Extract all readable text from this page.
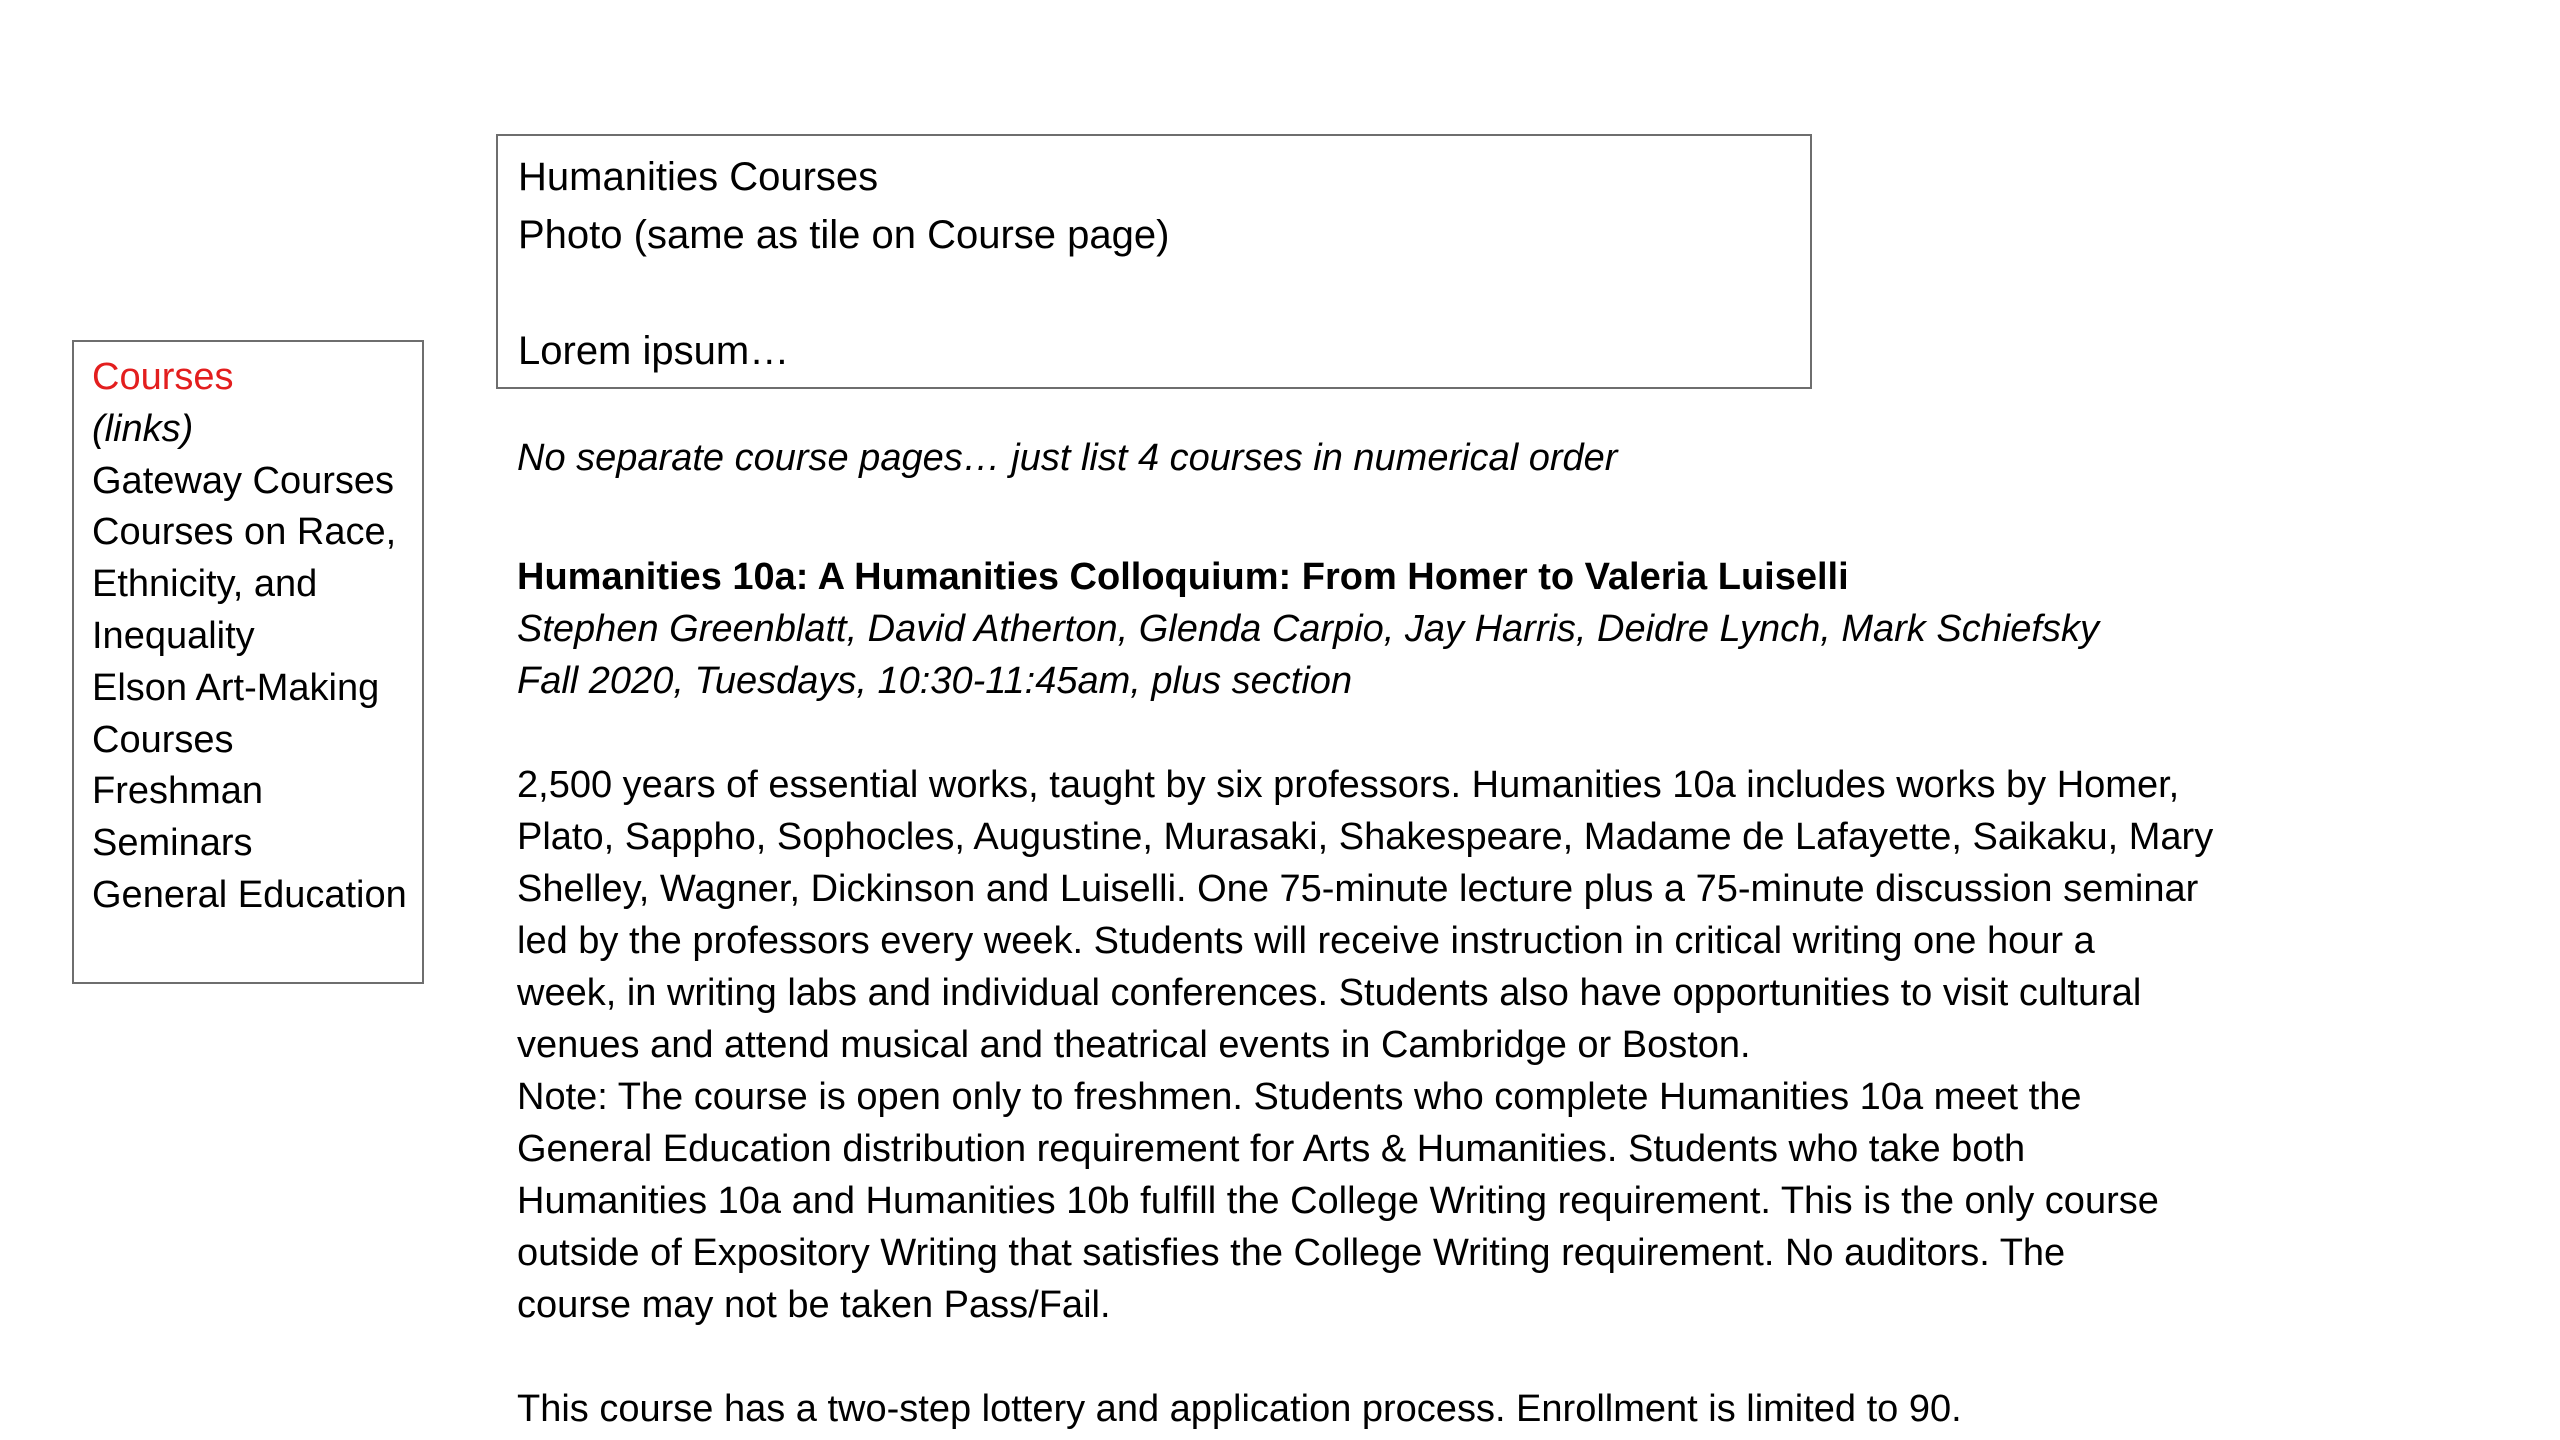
Courses
(links)
Gateway Courses
Courses on Race, Ethnicity, and Inequality
Elson Art-Making Courses
Freshman Seminars
General Education
Humanities Courses
Photo (same as tile on Course page)
Lorem ipsum…
No separate course pages… just list 4 courses in numerical order
Humanities 10a: A Humanities Colloquium: From Homer to Valeria Luiselli
Stephen Greenblatt, David Atherton, Glenda Carpio, Jay Harris, Deidre Lynch, Mark Schiefsky
Fall 2020, Tuesdays, 10:30-11:45am, plus section
2,500 years of essential works, taught by six professors. Humanities 10a includes works by Homer,
Plato, Sappho, Sophocles, Augustine, Murasaki, Shakespeare, Madame de Lafayette, Saikaku, Mary
Shelley, Wagner, Dickinson and Luiselli. One 75-minute lecture plus a 75-minute discussion seminar
led by the professors every week. Students will receive instruction in critical writing one hour a
week, in writing labs and individual conferences. Students also have opportunities to visit cultural
venues and attend musical and theatrical events in Cambridge or Boston.
Note: The course is open only to freshmen. Students who complete Humanities 10a meet the
General Education distribution requirement for Arts & Humanities. Students who take both
Humanities 10a and Humanities 10b fulfill the College Writing requirement. This is the only course
outside of Expository Writing that satisfies the College Writing requirement. No auditors. The
course may not be taken Pass/Fail.
This course has a two-step lottery and application process. Enrollment is limited to 90.
